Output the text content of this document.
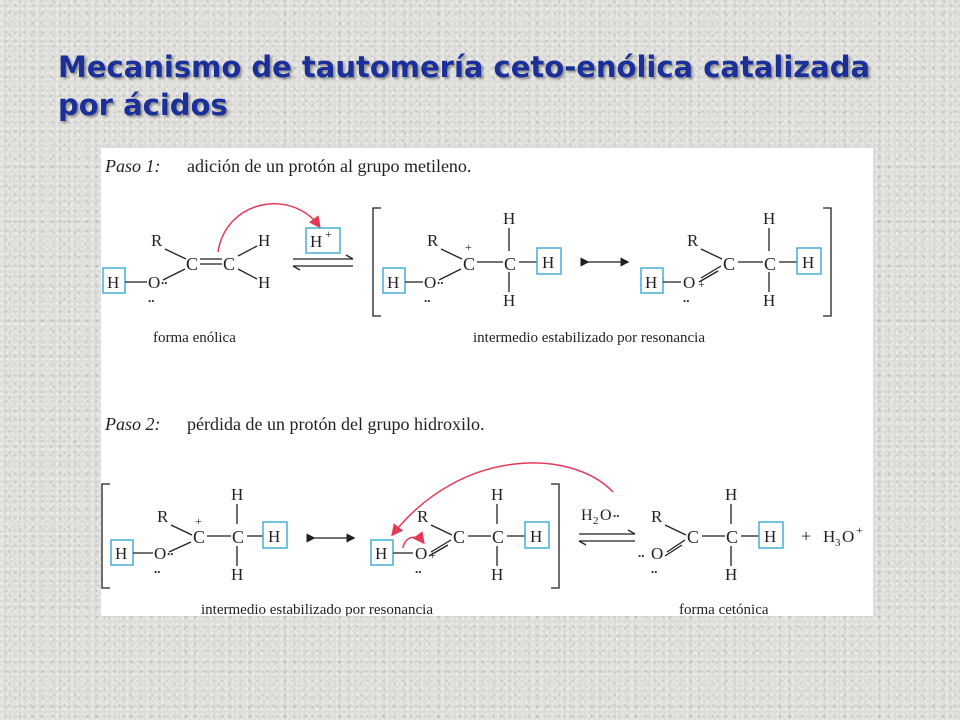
Mecanismo de tautomería ceto-enólica catalizada por ácidos
Paso 1: adición de un protón al grupo metileno.
R
C C
H
H
H O ..
..
H +	R
C
+
C
H
H
H
H O ..
..
R
C C
H
H
H
H O +
..
forma enólica	intermedio estabilizado por resonancia
Paso 2: pérdida de un protón del grupo hidroxilo.
R
C
+
C
H
H
H
H O ..
..
R
C C
H
H
H
H O +
..
H 2 O .. R
C C
H
H
H
O
..
..
+ H 3 O +
intermedio estabilizado por resonancia	forma cetónica
